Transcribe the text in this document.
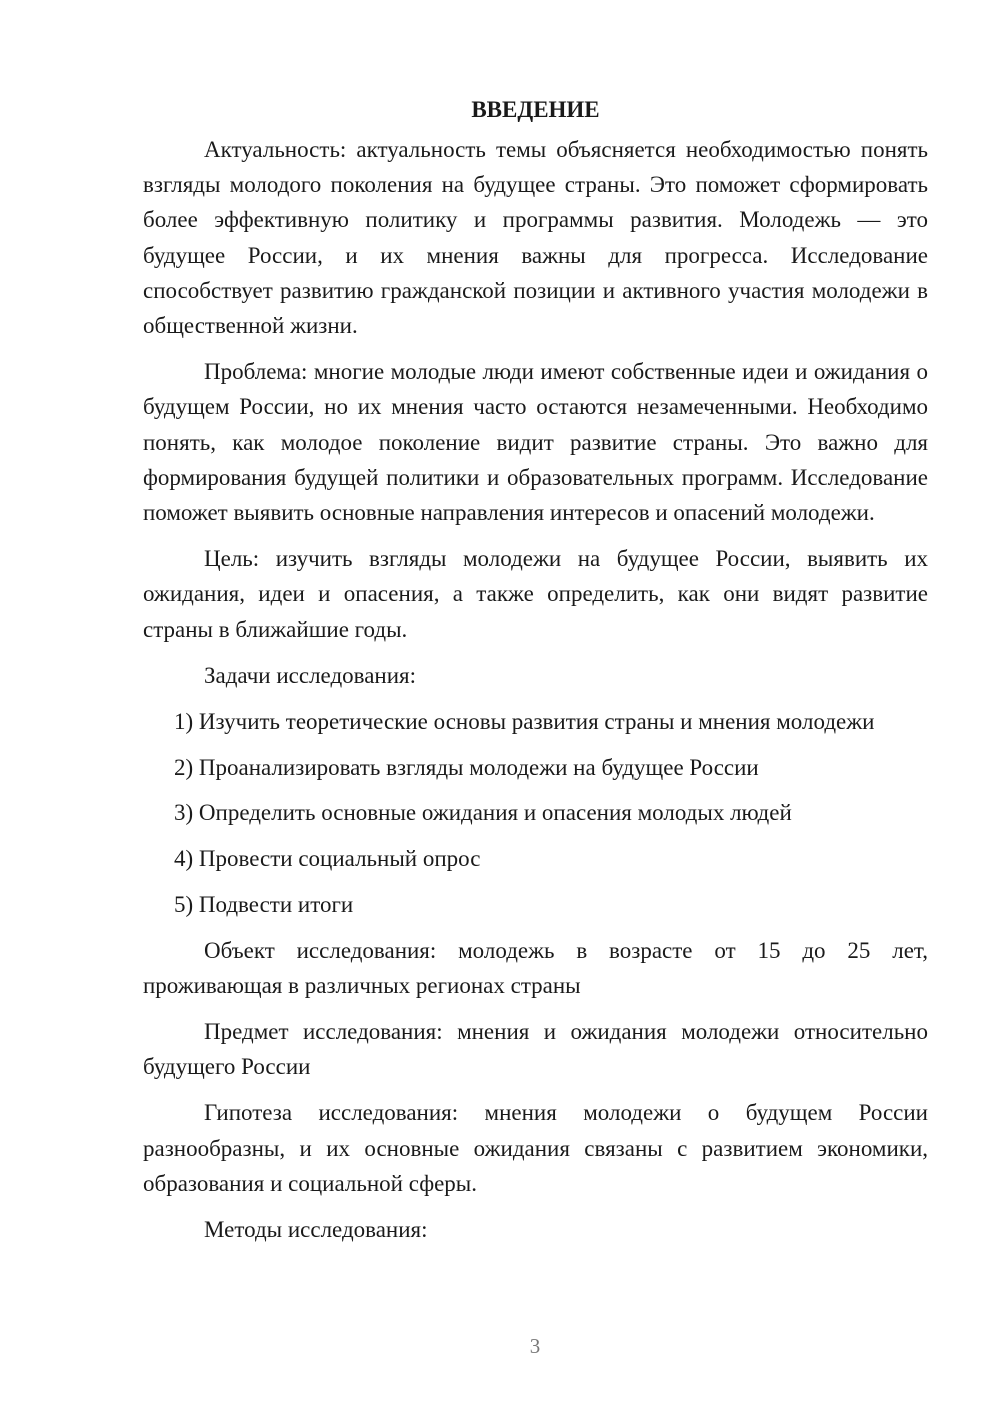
ВВЕДЕНИЕ

Актуальность: актуальность темы объясняется необходимостью понять взгляды молодого поколения на будущее страны. Это поможет сформировать более эффективную политику и программы развития. Молодежь — это будущее России, и их мнения важны для прогресса. Исследование способствует развитию гражданской позиции и активного участия молодежи в общественной жизни.

Проблема: многие молодые люди имеют собственные идеи и ожидания о будущем России, но их мнения часто остаются незамеченными. Необходимо понять, как молодое поколение видит развитие страны. Это важно для формирования будущей политики и образовательных программ. Исследование поможет выявить основные направления интересов и опасений молодежи.

Цель: изучить взгляды молодежи на будущее России, выявить их ожидания, идеи и опасения, а также определить, как они видят развитие страны в ближайшие годы.

Задачи исследования:

1) Изучить теоретические основы развития страны и мнения молодежи
2) Проанализировать взгляды молодежи на будущее России
3) Определить основные ожидания и опасения молодых людей
4) Провести социальный опрос
5) Подвести итоги

Объект исследования: молодежь в возрасте от 15 до 25 лет, проживающая в различных регионах страны

Предмет исследования: мнения и ожидания молодежи относительно будущего России

Гипотеза исследования: мнения молодежи о будущем России разнообразны, и их основные ожидания связаны с развитием экономики, образования и социальной сферы.

Методы исследования:

3
